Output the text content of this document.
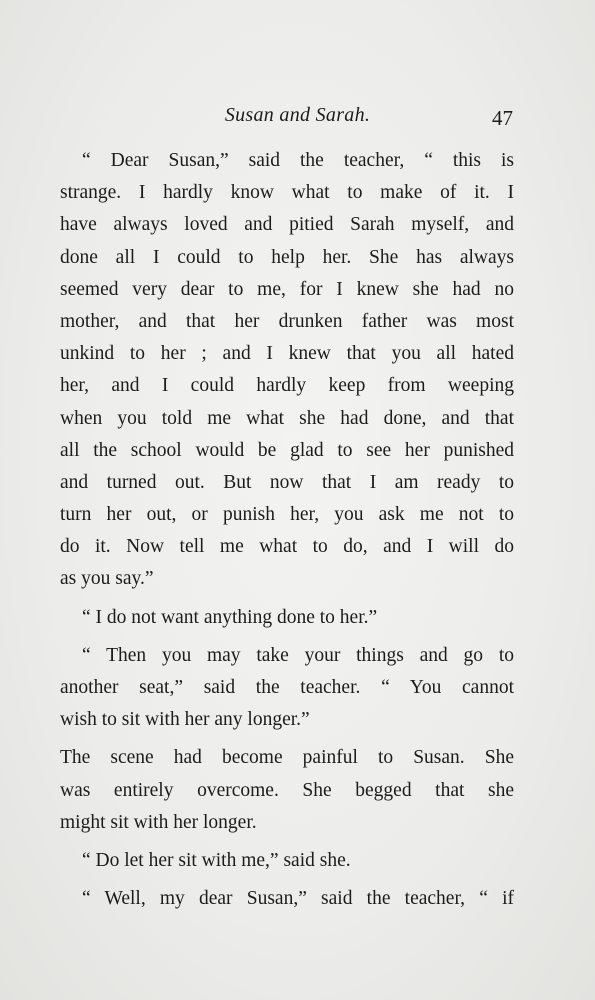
Susan and Sarah.	47
“ Dear Susan,” said the teacher, “ this is
strange. I hardly know what to make of it. I
have always loved and pitied Sarah myself, and
done all I could to help her. She has always
seemed very dear to me, for I knew she had no
mother, and that her drunken father was most
unkind to her ; and I knew that you all hated
her, and I could hardly keep from weeping
when you told me what she had done, and that
all the school would be glad to see her punished
and turned out. But now that I am ready to
turn her out, or punish her, you ask me not to
do it. Now tell me what to do, and I will do
as you say.”
“ I do not want anything done to her.”
“ Then you may take your things and go to
another seat,” said the teacher. “ You cannot
wish to sit with her any longer.”
The scene had become painful to Susan. She
was entirely overcome. She begged that she
might sit with her longer.
“ Do let her sit with me,” said she.
“ Well, my dear Susan,” said the teacher, “ if
